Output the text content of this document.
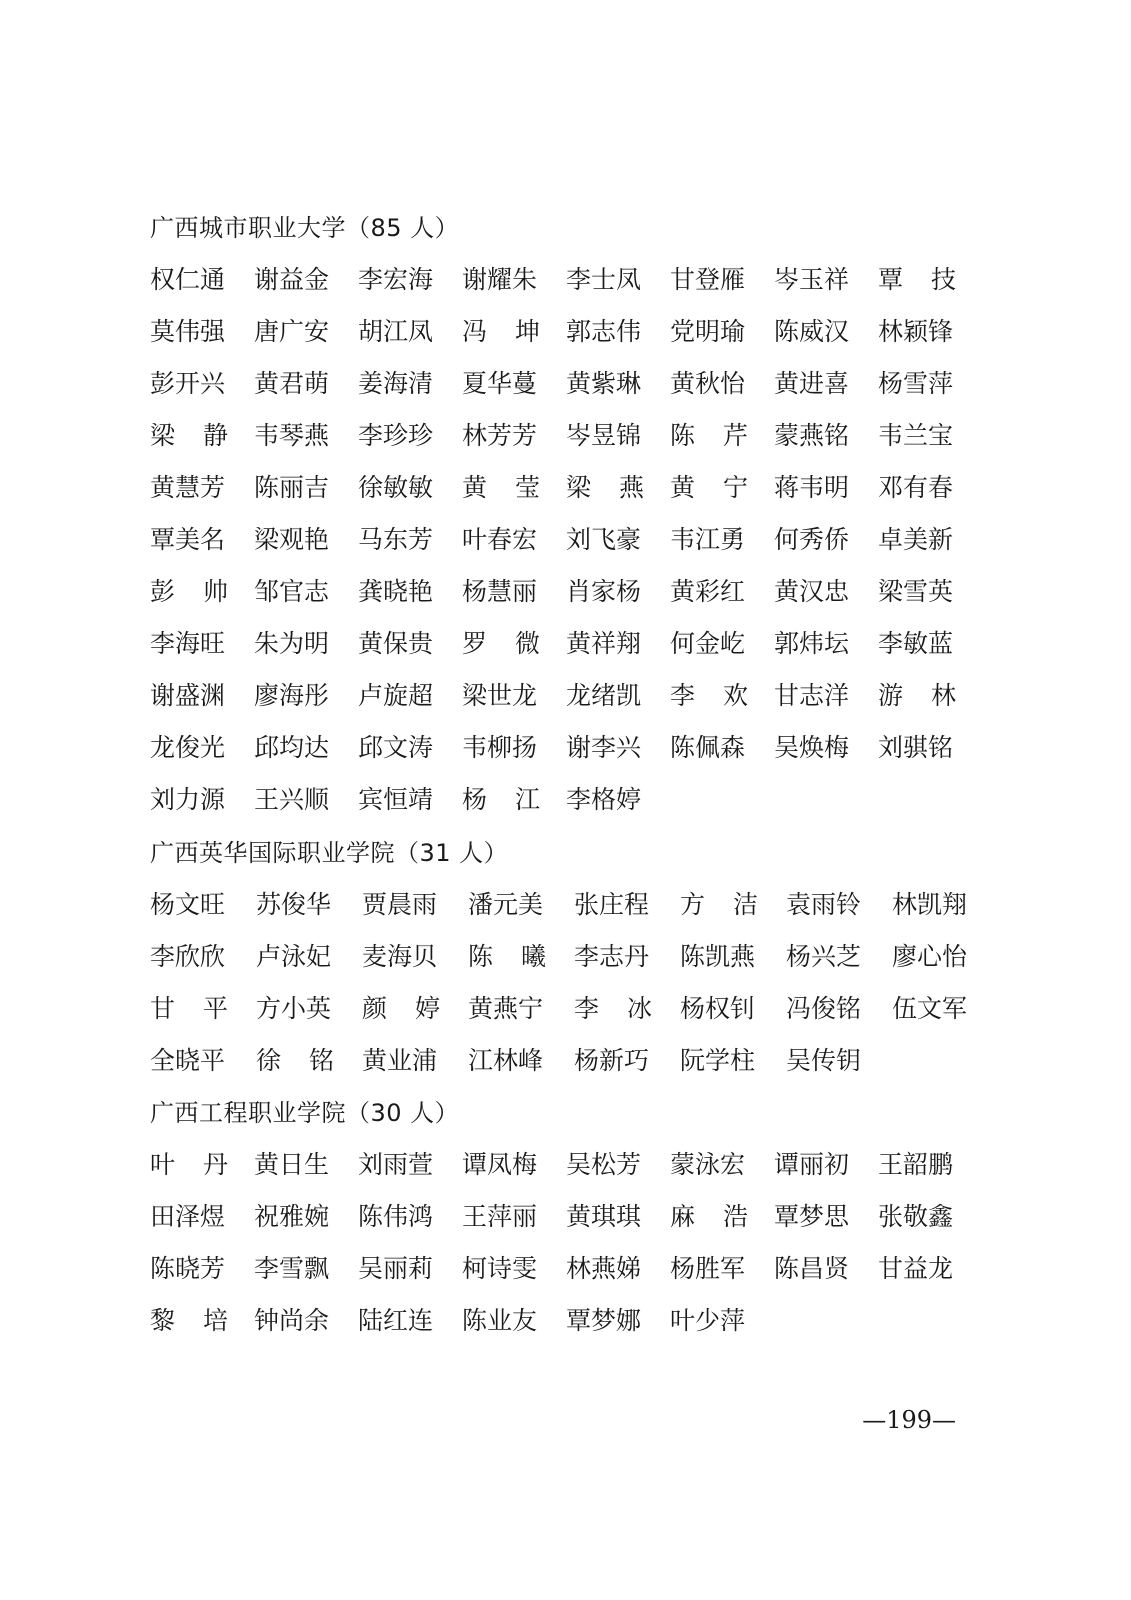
广西城市职业大学（85 人）
权仁通 谢益金 李宏海 谢耀朱 李士凤 甘登雁 岑玉祥 覃 技
莫伟强 唐广安 胡江凤 冯 坤 郭志伟 党明瑜 陈威汉 林颖锋
彭开兴 黄君萌 姜海清 夏华蔓 黄紫琳 黄秋怡 黄进喜 杨雪萍
梁 静 韦琴燕 李珍珍 林芳芳 岑昱锦 陈 芹 蒙燕铭 韦兰宝
黄慧芳 陈丽吉 徐敏敏 黄 莹 梁 燕 黄 宁 蒋韦明 邓有春
覃美名 梁观艳 马东芳 叶春宏 刘飞豪 韦江勇 何秀侨 卓美新
彭 帅 邹官志 龚晓艳 杨慧丽 肖家杨 黄彩红 黄汉忠 梁雪英
李海旺 朱为明 黄保贵 罗 微 黄祥翔 何金屹 郭炜坛 李敏蓝
谢盛渊 廖海彤 卢旋超 梁世龙 龙绪凯 李 欢 甘志洋 游 林
龙俊光 邱均达 邱文涛 韦柳扬 谢李兴 陈佩森 吴焕梅 刘骐铭
刘力源 王兴顺 宾恒靖 杨 江 李格婷
广西英华国际职业学院（31 人）
杨文旺 苏俊华 贾晨雨 潘元美 张庄程 方 洁 袁雨铃 林凯翔
李欣欣 卢泳妃 麦海贝 陈 曦 李志丹 陈凯燕 杨兴芝 廖心怡
甘 平 方小英 颜 婷 黄燕宁 李 冰 杨权钊 冯俊铭 伍文军
全晓平 徐 铭 黄业浦 江林峰 杨新巧 阮学柱 吴传钥
广西工程职业学院（30 人）
叶 丹 黄日生 刘雨萱 谭凤梅 吴松芳 蒙泳宏 谭丽初 王韶鹏
田泽煜 祝雅婉 陈伟鸿 王萍丽 黄琪琪 麻 浩 覃梦思 张敬鑫
陈晓芳 李雪飘 吴丽莉 柯诗雯 林燕娣 杨胜军 陈昌贤 甘益龙
黎 培 钟尚余 陆红连 陈业友 覃梦娜 叶少萍
—199—
